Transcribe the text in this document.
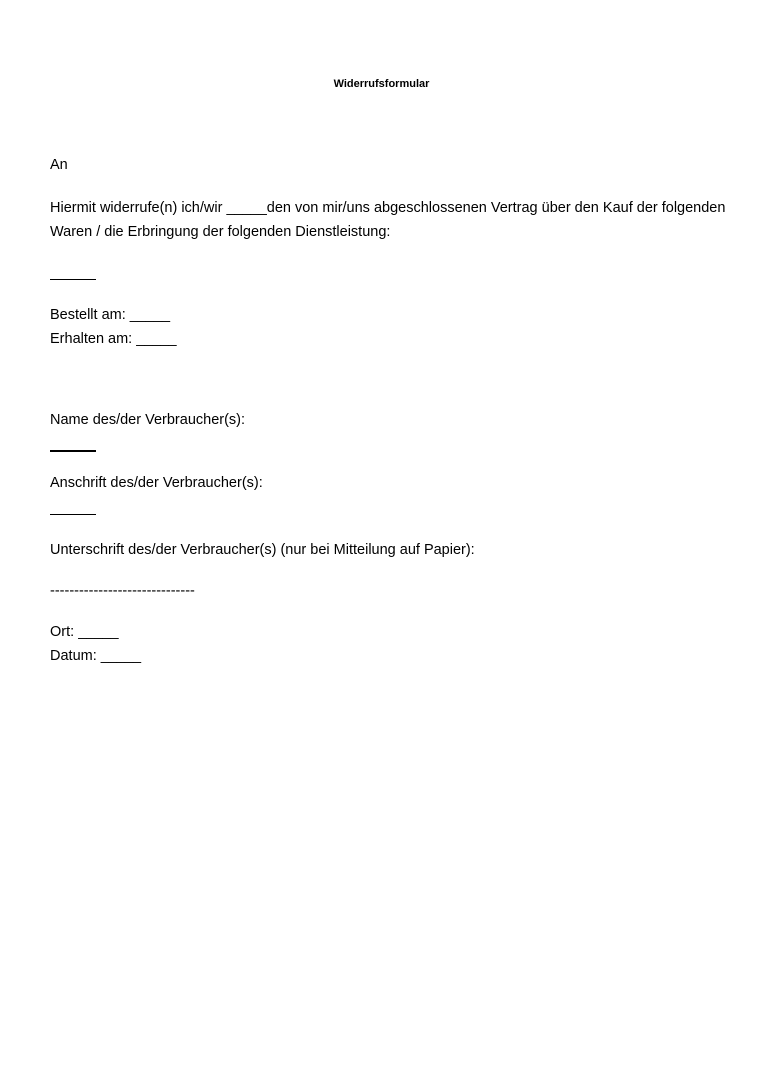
Widerrufsformular
An
Hiermit widerrufe(n) ich/wir _____den von mir/uns abgeschlossenen Vertrag über den Kauf der folgenden Waren / die Erbringung der folgenden Dienstleistung:
Bestellt am: _____
Erhalten am: _____
Name des/der Verbraucher(s):
Anschrift des/der Verbraucher(s):
Unterschrift des/der Verbraucher(s) (nur bei Mitteilung auf Papier):
------------------------------
Ort: _____
Datum: _____
